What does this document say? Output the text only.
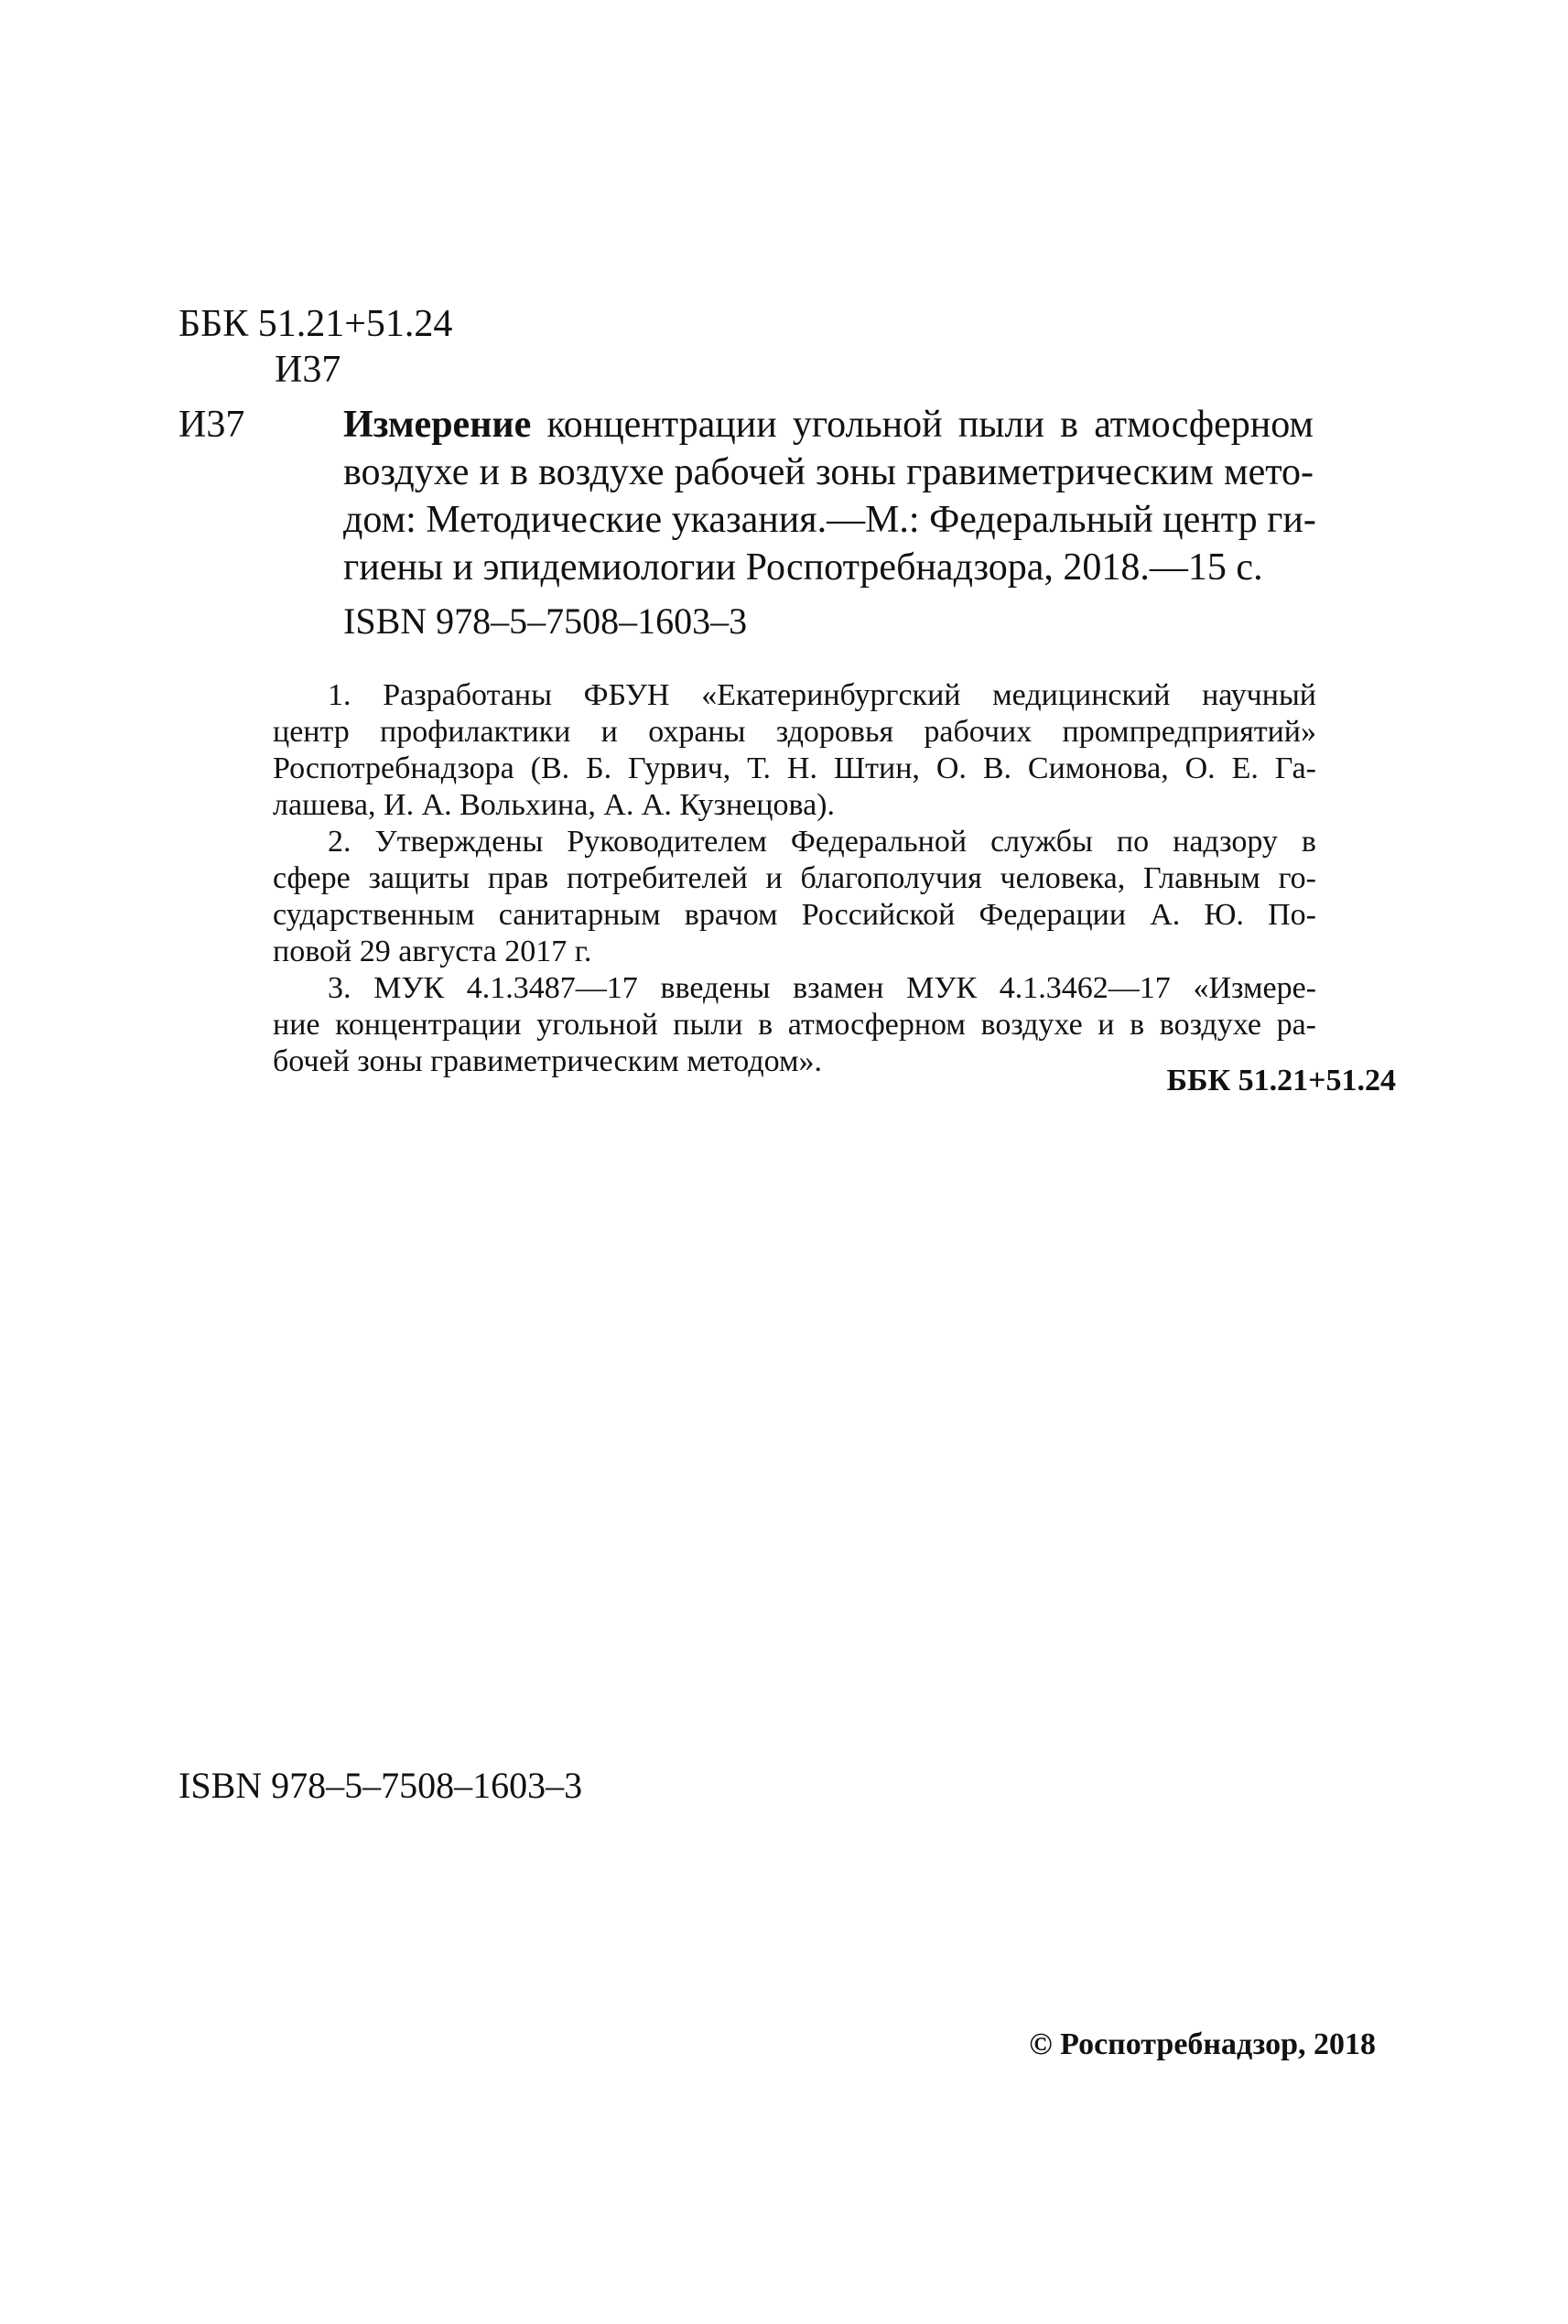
ББК 51.21+51.24
И37
И37	Измерение концентрации угольной пыли в атмосферном
воздухе и в воздухе рабочей зоны гравиметрическим мето-
дом: Методические указания.—М.: Федеральный центр ги-
гиены и эпидемиологии Роспотребнадзора, 2018.—15 с.
ISBN 978–5–7508–1603–3
1. Разработаны ФБУН «Екатеринбургский медицинский научный
центр профилактики и охраны здоровья рабочих промпредприятий»
Роспотребнадзора (В. Б. Гурвич, Т. Н. Штин, О. В. Симонова, О. Е. Га-
лашева, И. А. Вольхина, А. А. Кузнецова).
2. Утверждены Руководителем Федеральной службы по надзору в
сфере защиты прав потребителей и благополучия человека, Главным го-
сударственным санитарным врачом Российской Федерации А. Ю. По-
повой 29 августа 2017 г.
3. МУК 4.1.3487—17 введены взамен МУК 4.1.3462—17 «Измере-
ние концентрации угольной пыли в атмосферном воздухе и в воздухе ра-
бочей зоны гравиметрическим методом».
ББК 51.21+51.24
ISBN 978–5–7508–1603–3
© Роспотребнадзор, 2018
